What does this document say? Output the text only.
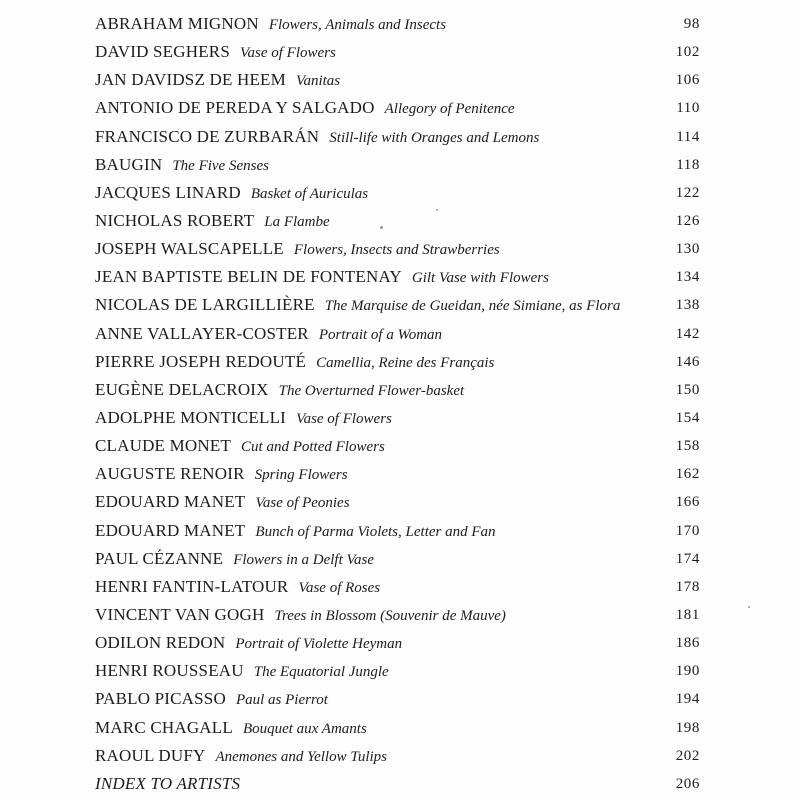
ABRAHAM MIGNON Flowers, Animals and Insects	98
DAVID SEGHERS Vase of Flowers	102
JAN DAVIDSZ DE HEEM Vanitas	106
ANTONIO DE PEREDA Y SALGADO Allegory of Penitence	110
FRANCISCO DE ZURBARÁN Still-life with Oranges and Lemons	114
BAUGIN The Five Senses	118
JACQUES LINARD Basket of Auriculas	122
NICHOLAS ROBERT La Flambe	126
JOSEPH WALSCAPELLE Flowers, Insects and Strawberries	130
JEAN BAPTISTE BELIN DE FONTENAY Gilt Vase with Flowers	134
NICOLAS DE LARGILLIÈRE The Marquise de Gueidan, née Simiane, as Flora	138
ANNE VALLAYER-COSTER Portrait of a Woman	142
PIERRE JOSEPH REDOUTÉ Camellia, Reine des Français	146
EUGÈNE DELACROIX The Overturned Flower-basket	150
ADOLPHE MONTICELLI Vase of Flowers	154
CLAUDE MONET Cut and Potted Flowers	158
AUGUSTE RENOIR Spring Flowers	162
EDOUARD MANET Vase of Peonies	166
EDOUARD MANET Bunch of Parma Violets, Letter and Fan	170
PAUL CÉZANNE Flowers in a Delft Vase	174
HENRI FANTIN-LATOUR Vase of Roses	178
VINCENT VAN GOGH Trees in Blossom (Souvenir de Mauve)	181
ODILON REDON Portrait of Violette Heyman	186
HENRI ROUSSEAU The Equatorial Jungle	190
PABLO PICASSO Paul as Pierrot	194
MARC CHAGALL Bouquet aux Amants	198
RAOUL DUFY Anemones and Yellow Tulips	202
INDEX TO ARTISTS	206
